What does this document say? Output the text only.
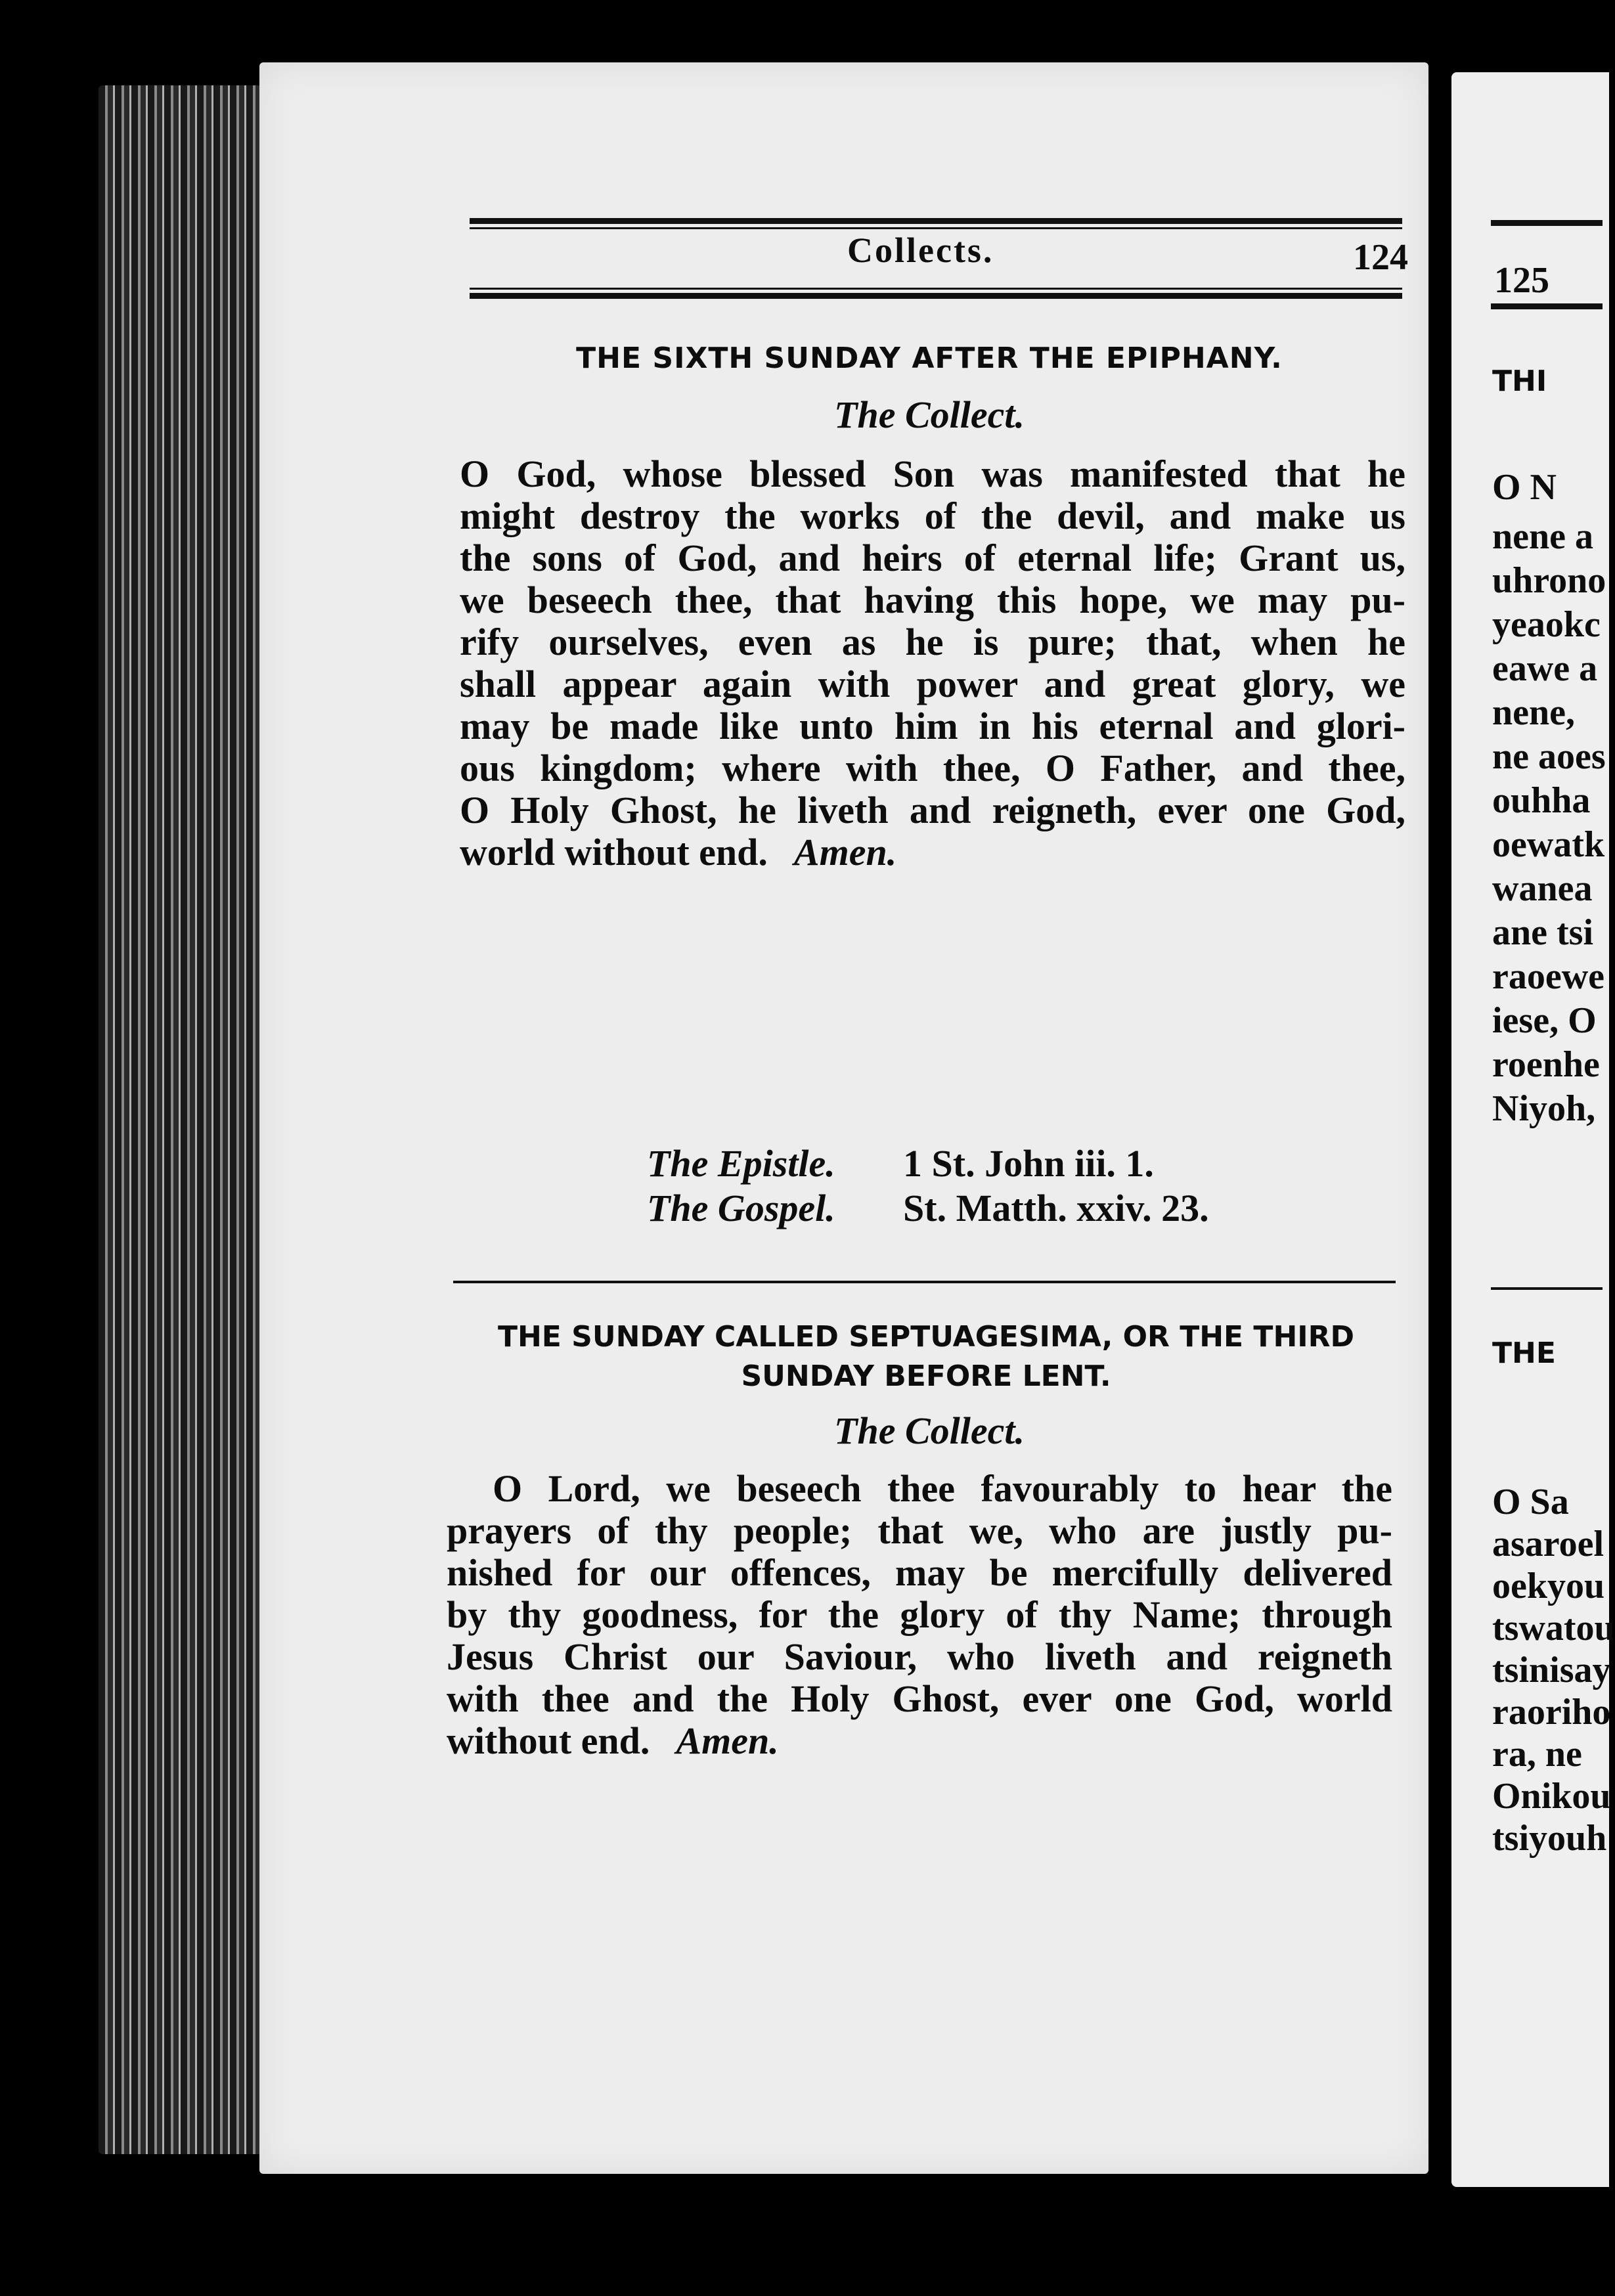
Collects.	124
THE SIXTH SUNDAY AFTER THE EPIPHANY.
The Collect.
O God, whose blessed Son was manifested that he
might destroy the works of the devil, and make us
the sons of God, and heirs of eternal life; Grant us,
we beseech thee, that having this hope, we may pu-
rify ourselves, even as he is pure; that, when he
shall appear again with power and great glory, we
may be made like unto him in his eternal and glori-
ous kingdom; where with thee, O Father, and thee,
O Holy Ghost, he liveth and reigneth, ever one God,
world without end. Amen.
The Epistle. 1 St. John iii. 1.
The Gospel. St. Matth. xxiv. 23.
THE SUNDAY CALLED SEPTUAGESIMA, OR THE THIRD
SUNDAY BEFORE LENT.
The Collect.
O Lord, we beseech thee favourably to hear the
prayers of thy people; that we, who are justly pu-
nished for our offences, may be mercifully delivered
by thy goodness, for the glory of thy Name; through
Jesus Christ our Saviour, who liveth and reigneth
with thee and the Holy Ghost, ever one God, world
without end. Amen.
125
THI
O N
nene a
uhrono
yeaokc
eawe a
nene,
ne aoes
ouhha
oewatk
wanea
ane tsi
raoewe
iese, O
roenhe
Niyoh,
THE
O Sa
asaroel
oekyou
tswatou
tsinisay
raoriho
ra, ne
Onikou
tsiyouh
